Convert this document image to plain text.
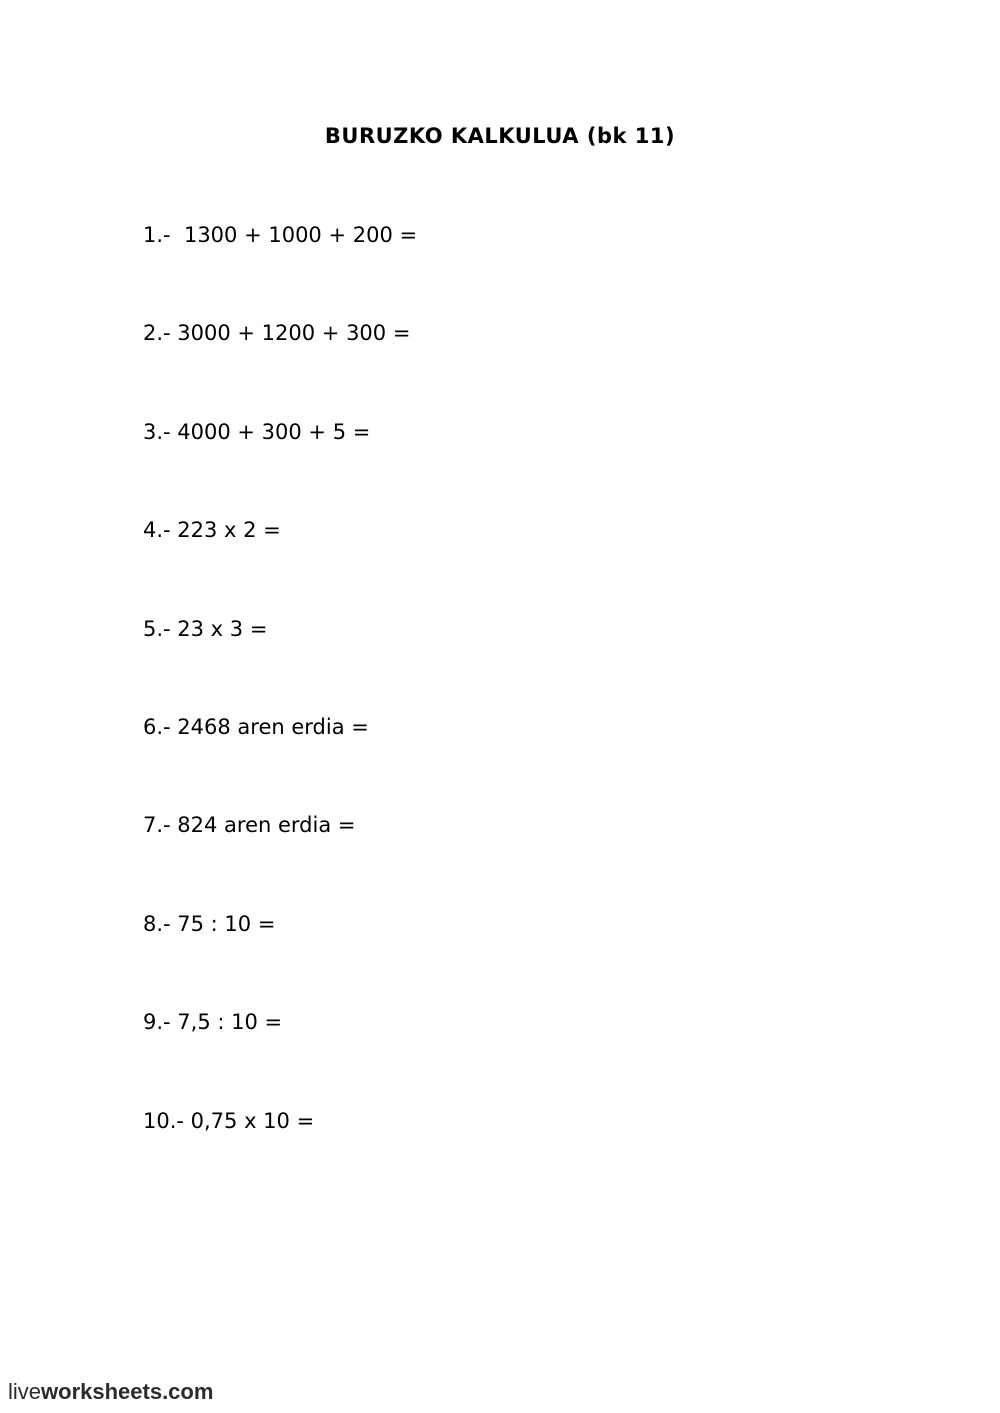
BURUZKO KALKULUA (bk 11)
1.-  1300 + 1000 + 200 =
2.- 3000 + 1200 + 300 =
3.- 4000 + 300 + 5 =
4.- 223 x 2 =
5.- 23 x 3 =
6.- 2468 aren erdia =
7.- 824 aren erdia =
8.- 75 : 10 =
9.- 7,5 : 10 =
10.- 0,75 x 10 =
liveworksheets.com
